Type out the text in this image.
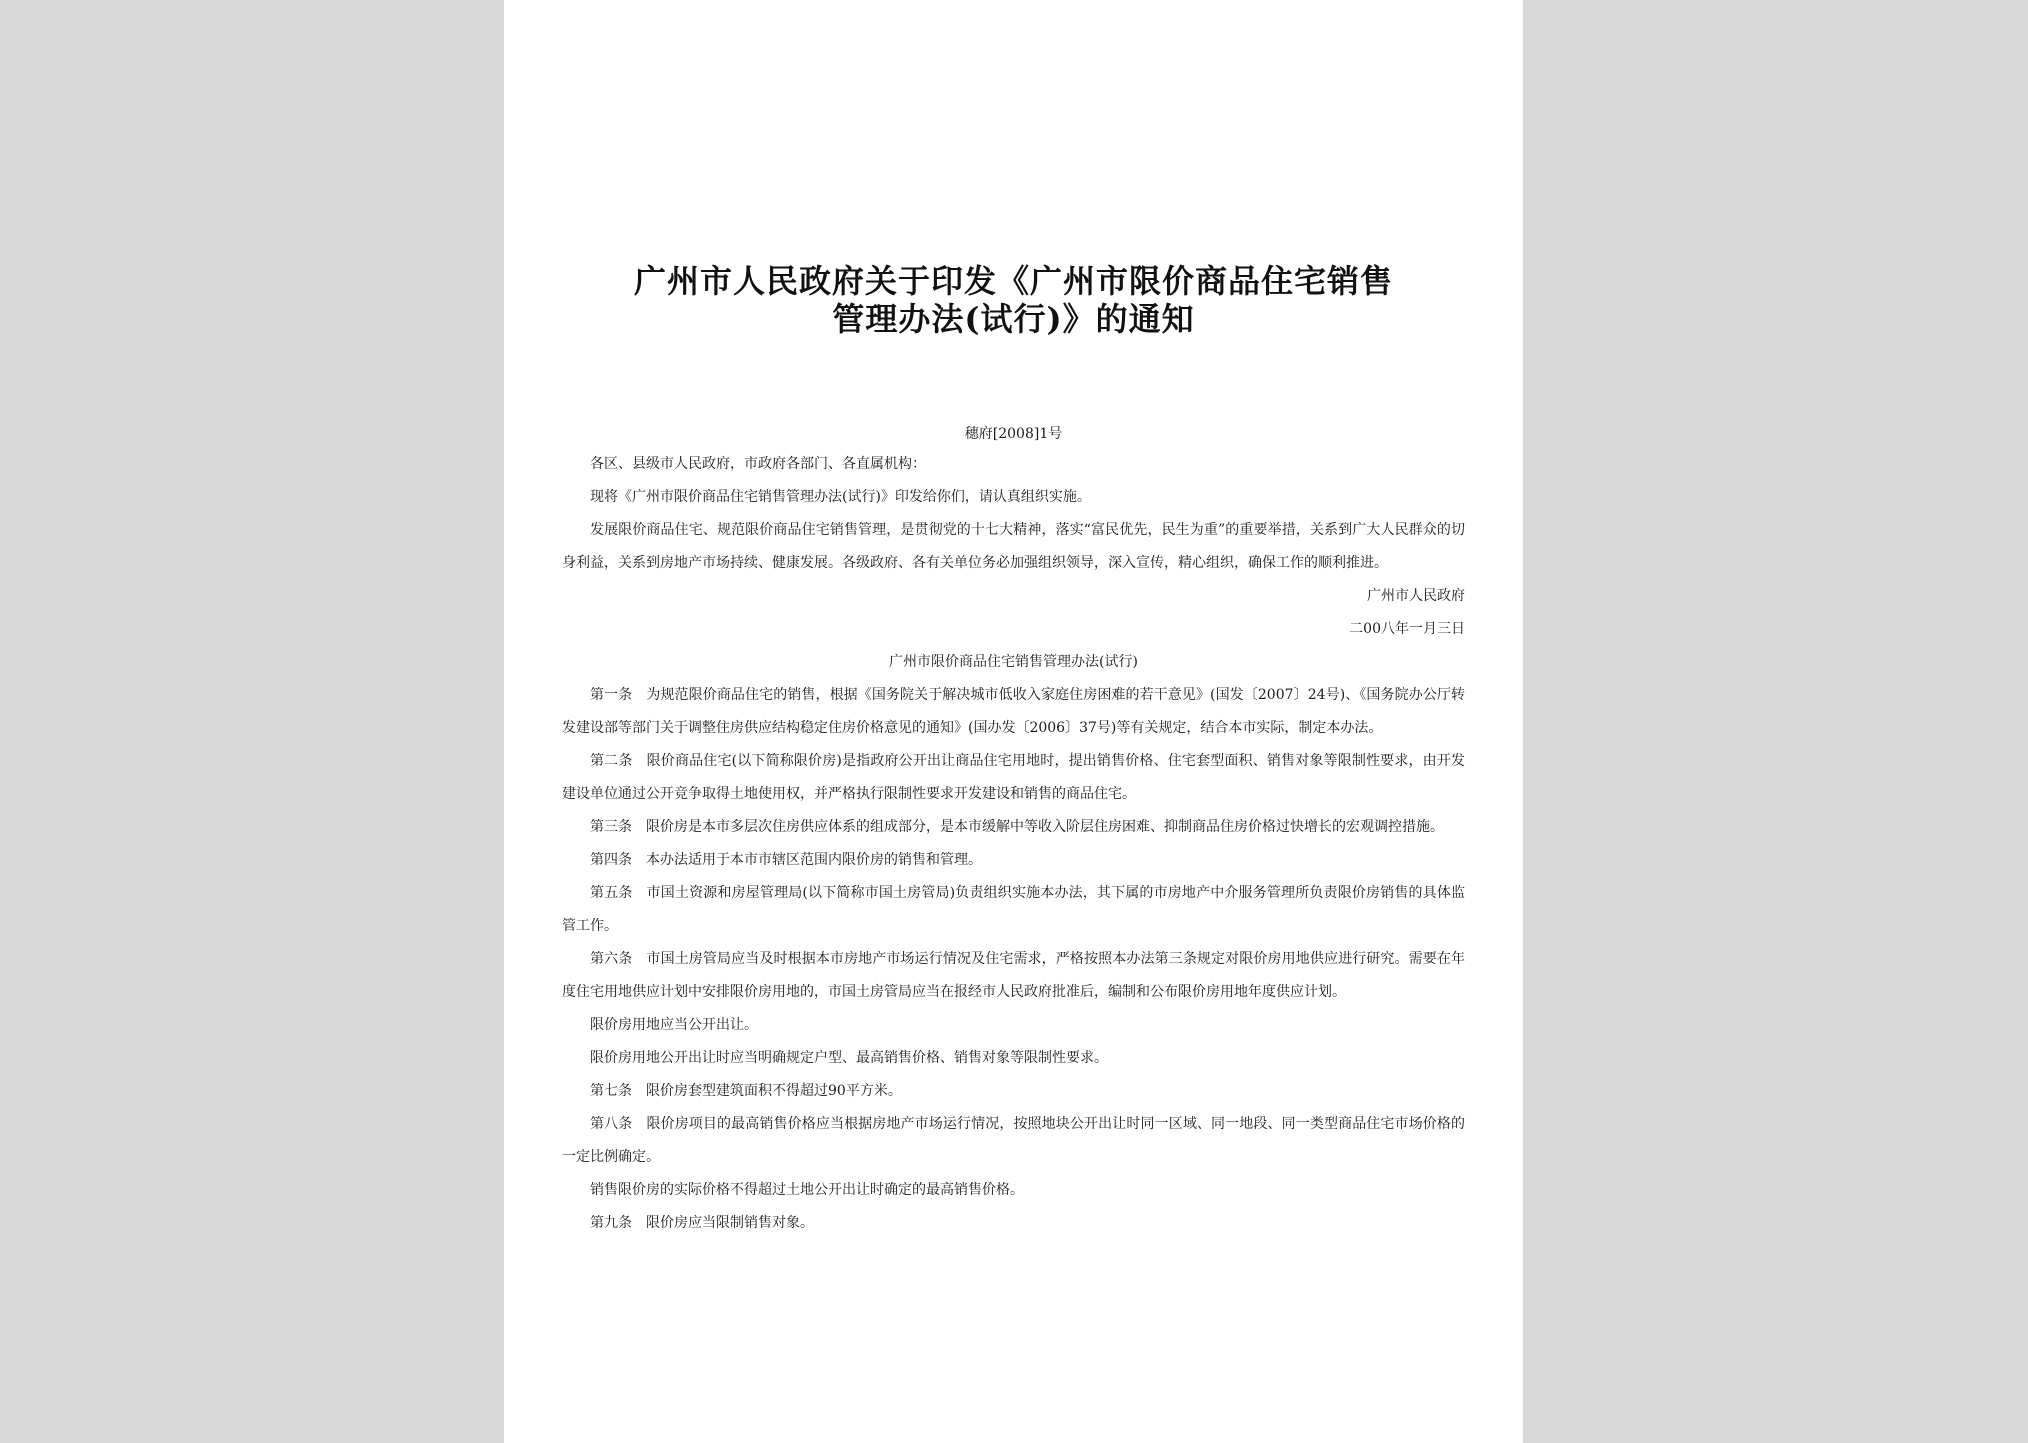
广州市人民政府关于印发《广州市限价商品住宅销售
管理办法(试行)》的通知
穗府[2008]1号

各区、县级市人民政府，市政府各部门、各直属机构：

现将《广州市限价商品住宅销售管理办法(试行)》印发给你们，请认真组织实施。

发展限价商品住宅、规范限价商品住宅销售管理，是贯彻党的十七大精神，落实“富民优先，民生为重”的重要举措，关系到广大人民群众的切身利益，关系到房地产市场持续、健康发展。各级政府、各有关单位务必加强组织领导，深入宣传，精心组织，确保工作的顺利推进。

广州市人民政府

二00八年一月三日

广州市限价商品住宅销售管理办法(试行)

第一条　为规范限价商品住宅的销售，根据《国务院关于解决城市低收入家庭住房困难的若干意见》(国发〔2007〕24号)、《国务院办公厅转发建设部等部门关于调整住房供应结构稳定住房价格意见的通知》(国办发〔2006〕37号)等有关规定，结合本市实际，制定本办法。

第二条　限价商品住宅(以下简称限价房)是指政府公开出让商品住宅用地时，提出销售价格、住宅套型面积、销售对象等限制性要求，由开发建设单位通过公开竞争取得土地使用权，并严格执行限制性要求开发建设和销售的商品住宅。

第三条　限价房是本市多层次住房供应体系的组成部分，是本市缓解中等收入阶层住房困难、抑制商品住房价格过快增长的宏观调控措施。

第四条　本办法适用于本市市辖区范围内限价房的销售和管理。

第五条　市国土资源和房屋管理局(以下简称市国土房管局)负责组织实施本办法，其下属的市房地产中介服务管理所负责限价房销售的具体监管工作。

第六条　市国土房管局应当及时根据本市房地产市场运行情况及住宅需求，严格按照本办法第三条规定对限价房用地供应进行研究。需要在年度住宅用地供应计划中安排限价房用地的，市国土房管局应当在报经市人民政府批准后，编制和公布限价房用地年度供应计划。

限价房用地应当公开出让。

限价房用地公开出让时应当明确规定户型、最高销售价格、销售对象等限制性要求。

第七条　限价房套型建筑面积不得超过90平方米。

第八条　限价房项目的最高销售价格应当根据房地产市场运行情况，按照地块公开出让时同一区域、同一地段、同一类型商品住宅市场价格的一定比例确定。

销售限价房的实际价格不得超过土地公开出让时确定的最高销售价格。

第九条　限价房应当限制销售对象。
